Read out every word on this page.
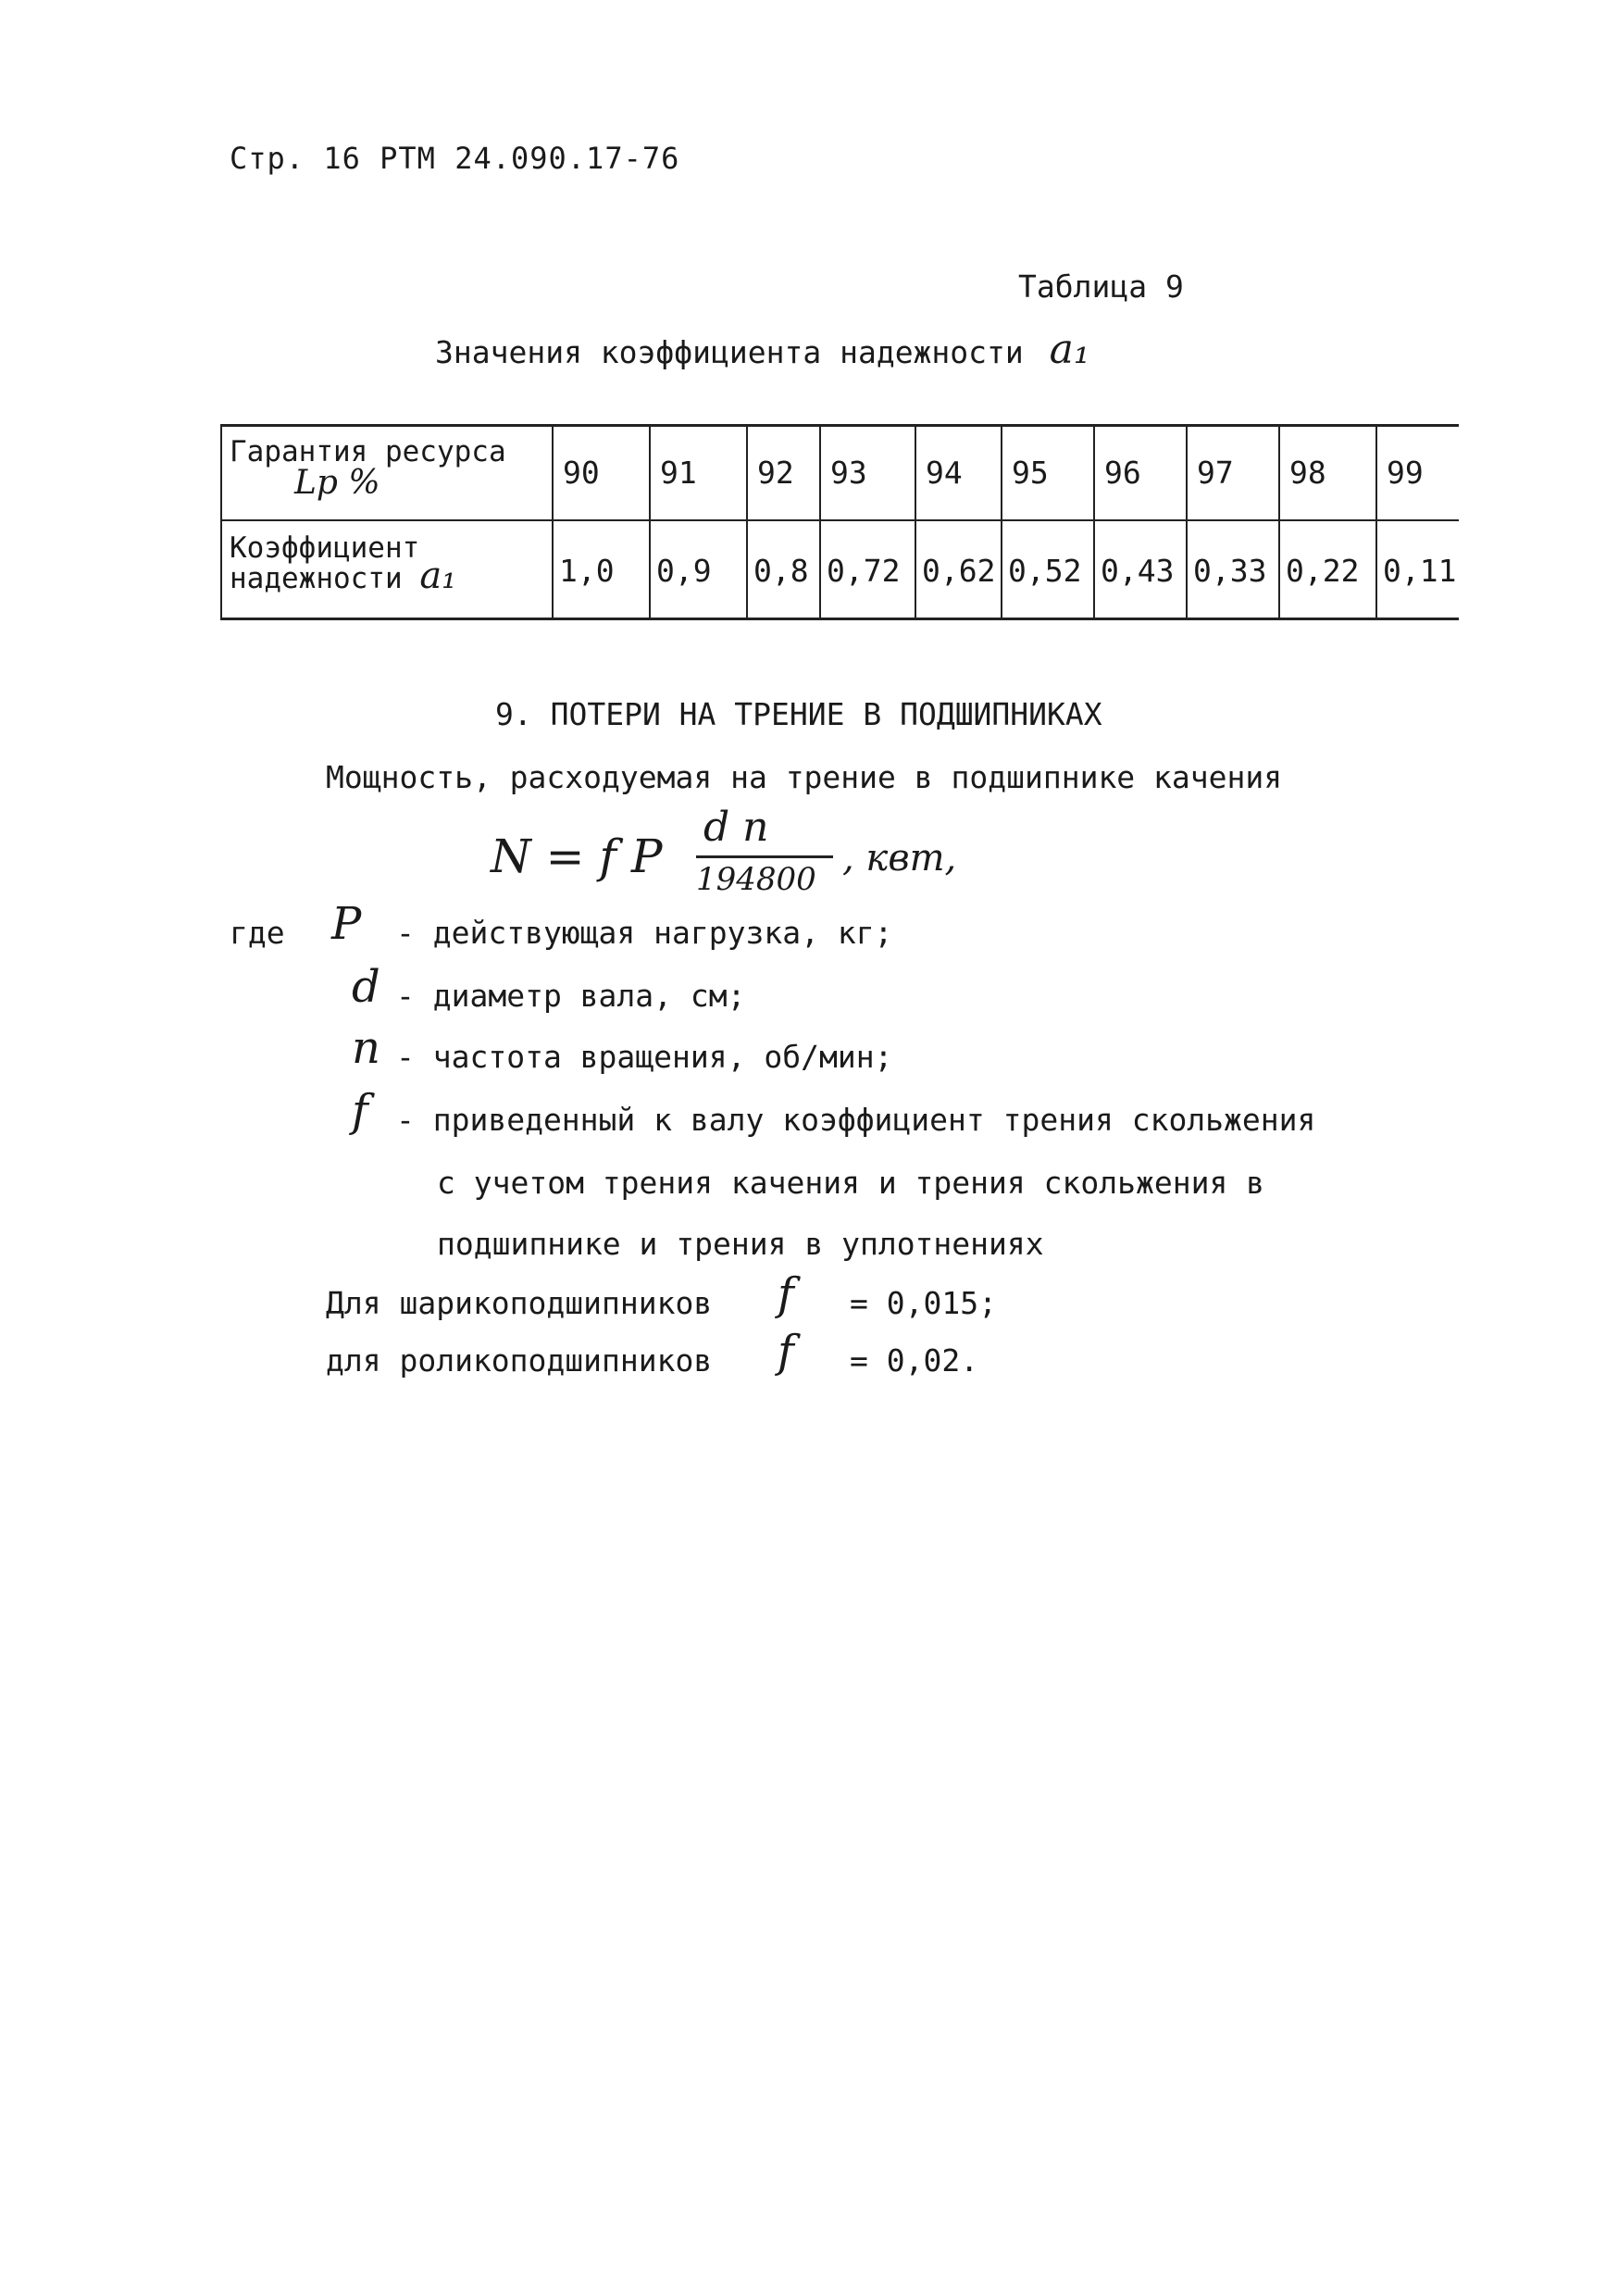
Стр. 16 РТМ 24.090.17-76
Таблица 9
Значения коэффициента надежности a₁
Гарантия ресурса
Lр %
Коэффициент
надежности a₁
90
1,0
91
0,9
92
0,8
93
0,72
94
0,62
95
0,52
96
0,43
97
0,33
98
0,22
99
0,11
9. ПОТЕРИ НА ТРЕНИЕ В ПОДШИПНИКАХ
Мощность, расходуемая на трение в подшипнике качения
N = f P
d n
194800 , квт,
где P - действующая нагрузка, кг;
d - диаметр вала, см;
n - частота вращения, об/мин;
f - приведенный к валу коэффициент трения скольжения
с учетом трения качения и трения скольжения в
подшипнике и трения в уплотнениях
Для шарикоподшипников f = 0,015;
для роликоподшипников f = 0,02.
